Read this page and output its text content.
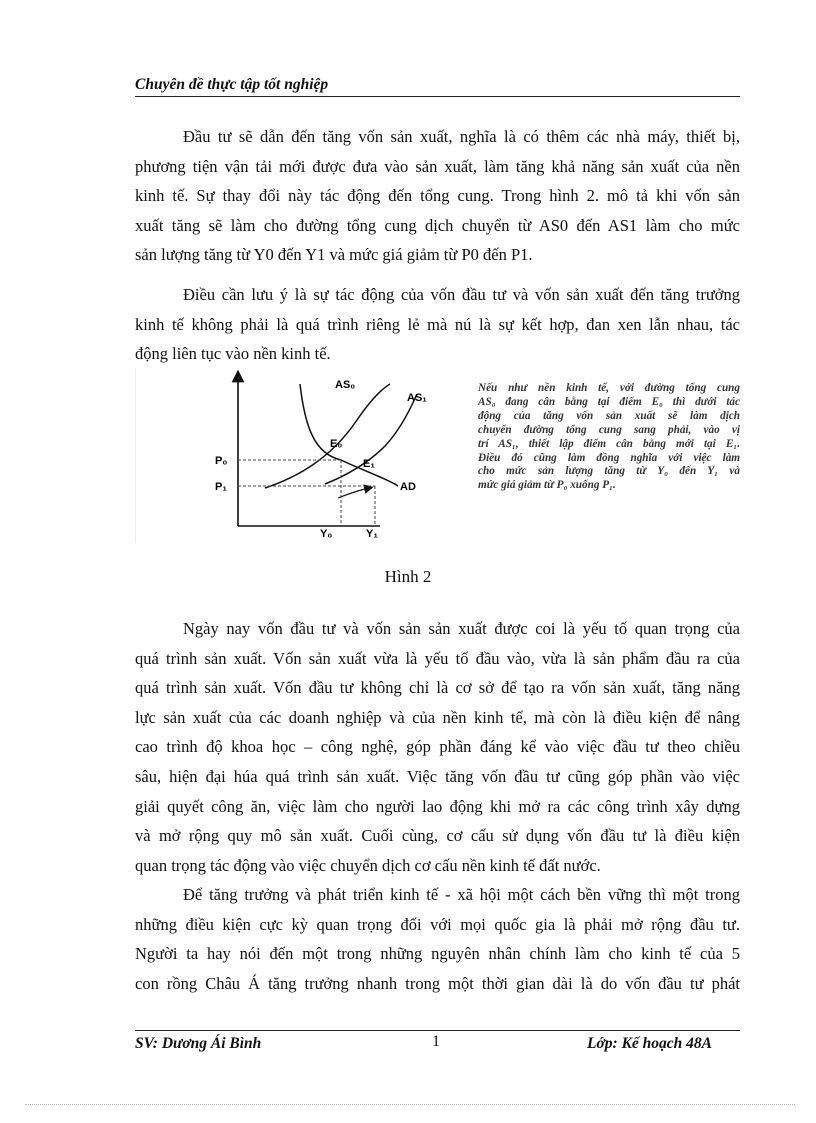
Chuyên đề thực tập tốt nghiệp
Đầu tư sẽ dẫn đến tăng vốn sản xuất, nghĩa là có thêm các nhà máy, thiết bị,
phương tiện vận tải mới được đưa vào sản xuất, làm tăng khả năng sản xuất của nền
kinh tế. Sự thay đổi này tác động đến tổng cung. Trong hình 2. mô tả khi vốn sản
xuất tăng sẽ làm cho đường tổng cung dịch chuyển từ AS0 đến AS1 làm cho mức
sản lượng tăng từ Y0 đến Y1 và mức giá giảm từ P0 đến P1.
Điều cần lưu ý là sự tác động của vốn đầu tư và vốn sản xuất đến tăng trưởng
kinh tế không phải là quá trình riêng lẻ mà nú là sự kết hợp, đan xen lẫn nhau, tác
động liên tục vào nền kinh tế.
AS₀
AS₁
E₀
E₁
AD
P₀
P₁
Y₀	Y₁
Nếu như nền kinh tế, với đường tổng cung
AS₀ đang cân bằng tại điểm E₀ thì dưới tác
động của tăng vốn sản xuất sẽ làm dịch
chuyển đường tổng cung sang phải, vào vị
trí AS₁, thiết lập điểm cân bằng mới tại E₁.
Điều đó cũng làm đồng nghĩa với việc làm
cho mức sản lượng tăng từ Y₀ đến Y₁ và
mức giá giảm từ P₀ xuống P₁.
Hình 2
Ngày nay vốn đầu tư và vốn sản sản xuất được coi là yếu tố quan trọng của
quá trình sản xuất. Vốn sản xuất vừa là yếu tố đầu vào, vừa là sản phẩm đầu ra của
quá trình sản xuất. Vốn đầu tư không chỉ là cơ sở để tạo ra vốn sản xuất, tăng năng
lực sản xuất của các doanh nghiệp và của nền kinh tế, mà còn là điều kiện để nâng
cao trình độ khoa học – công nghệ, góp phần đáng kể vào việc đầu tư theo chiều
sâu, hiện đại húa quá trình sản xuất. Việc tăng vốn đầu tư cũng góp phần vào việc
giải quyết công ăn, việc làm cho người lao động khi mở ra các công trình xây dựng
và mở rộng quy mô sản xuất. Cuối cùng, cơ cấu sử dụng vốn đầu tư là điều kiện
quan trọng tác động vào việc chuyển dịch cơ cấu nền kinh tế đất nước.
Để tăng trưởng và phát triển kinh tế - xã hội một cách bền vững thì một trong
những điều kiện cực kỳ quan trọng đối với mọi quốc gia là phải mở rộng đầu tư.
Người ta hay nói đến một trong những nguyên nhân chính làm cho kinh tế của 5
con rồng Châu Á tăng trưởng nhanh trong một thời gian dài là do vốn đầu tư phát
SV: Dương Ái Bình	1	Lớp: Kế hoạch 48A
